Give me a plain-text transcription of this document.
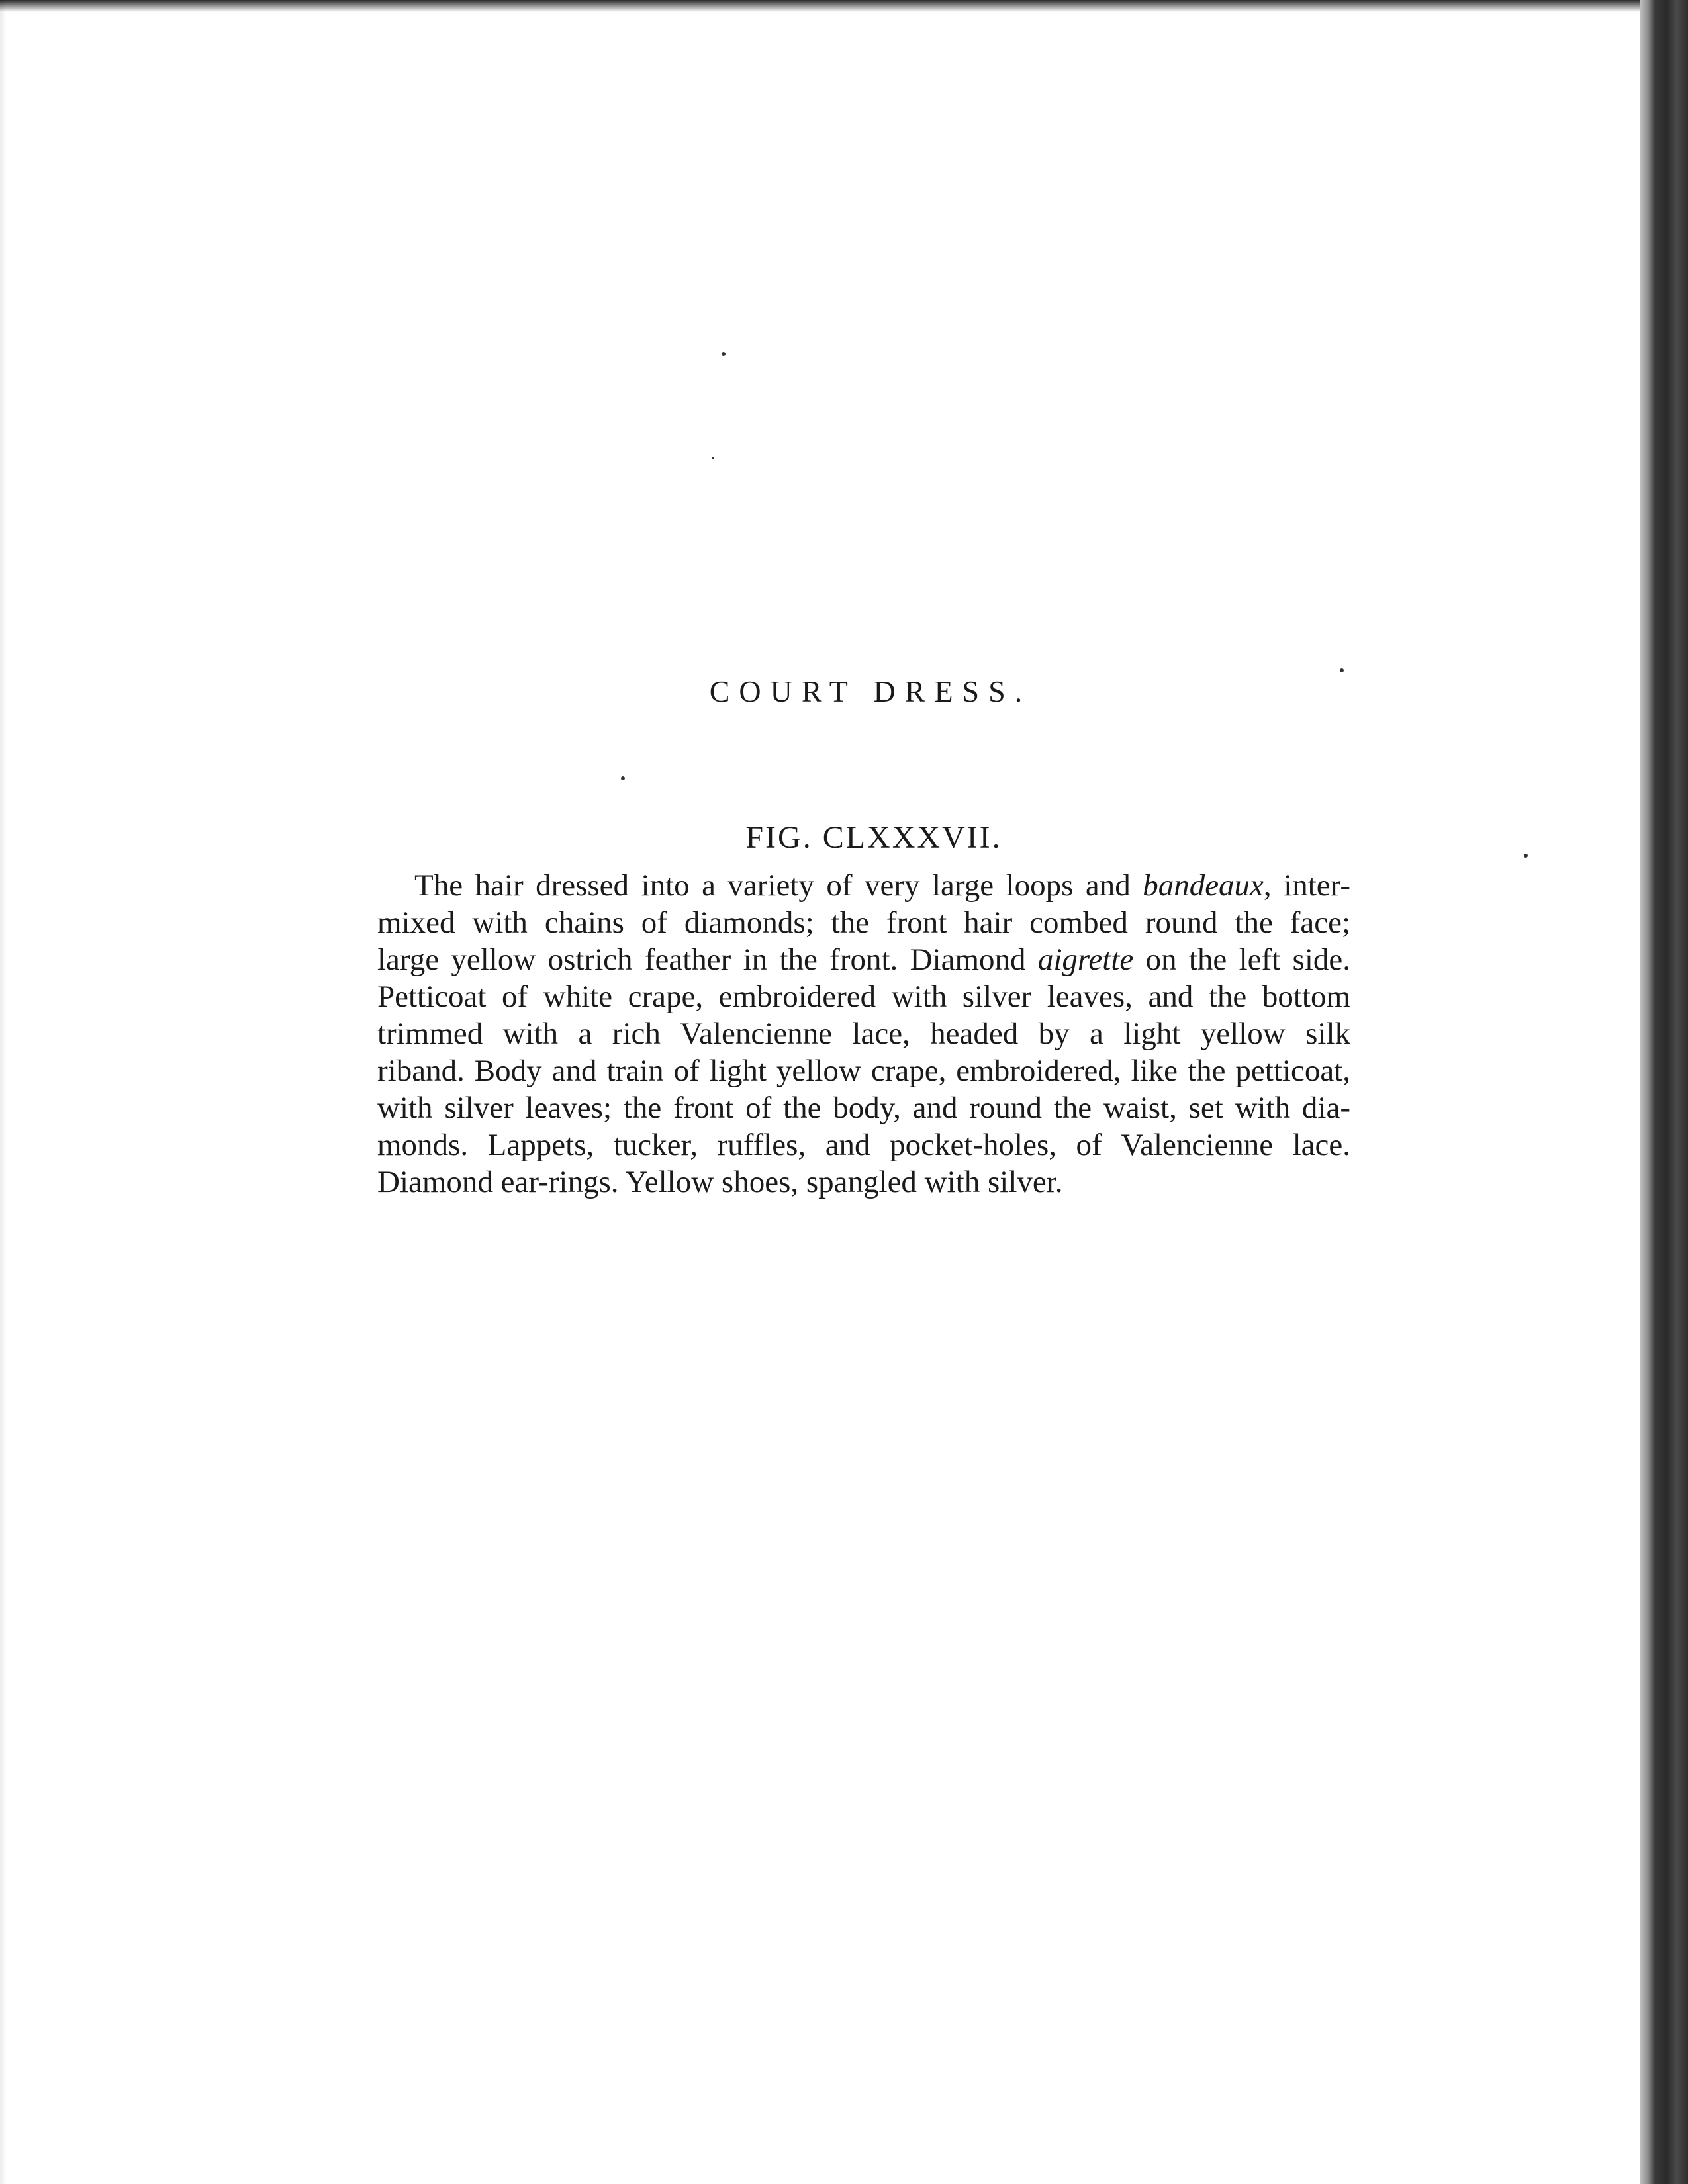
COURT DRESS.
FIG. CLXXXVII.
The hair dressed into a variety of very large loops and bandeaux, inter-
mixed with chains of diamonds; the front hair combed round the face;
large yellow ostrich feather in the front. Diamond aigrette on the left side.
Petticoat of white crape, embroidered with silver leaves, and the bottom
trimmed with a rich Valencienne lace, headed by a light yellow silk
riband. Body and train of light yellow crape, embroidered, like the petticoat,
with silver leaves; the front of the body, and round the waist, set with dia-
monds. Lappets, tucker, ruffles, and pocket-holes, of Valencienne lace.
Diamond ear-rings. Yellow shoes, spangled with silver.
